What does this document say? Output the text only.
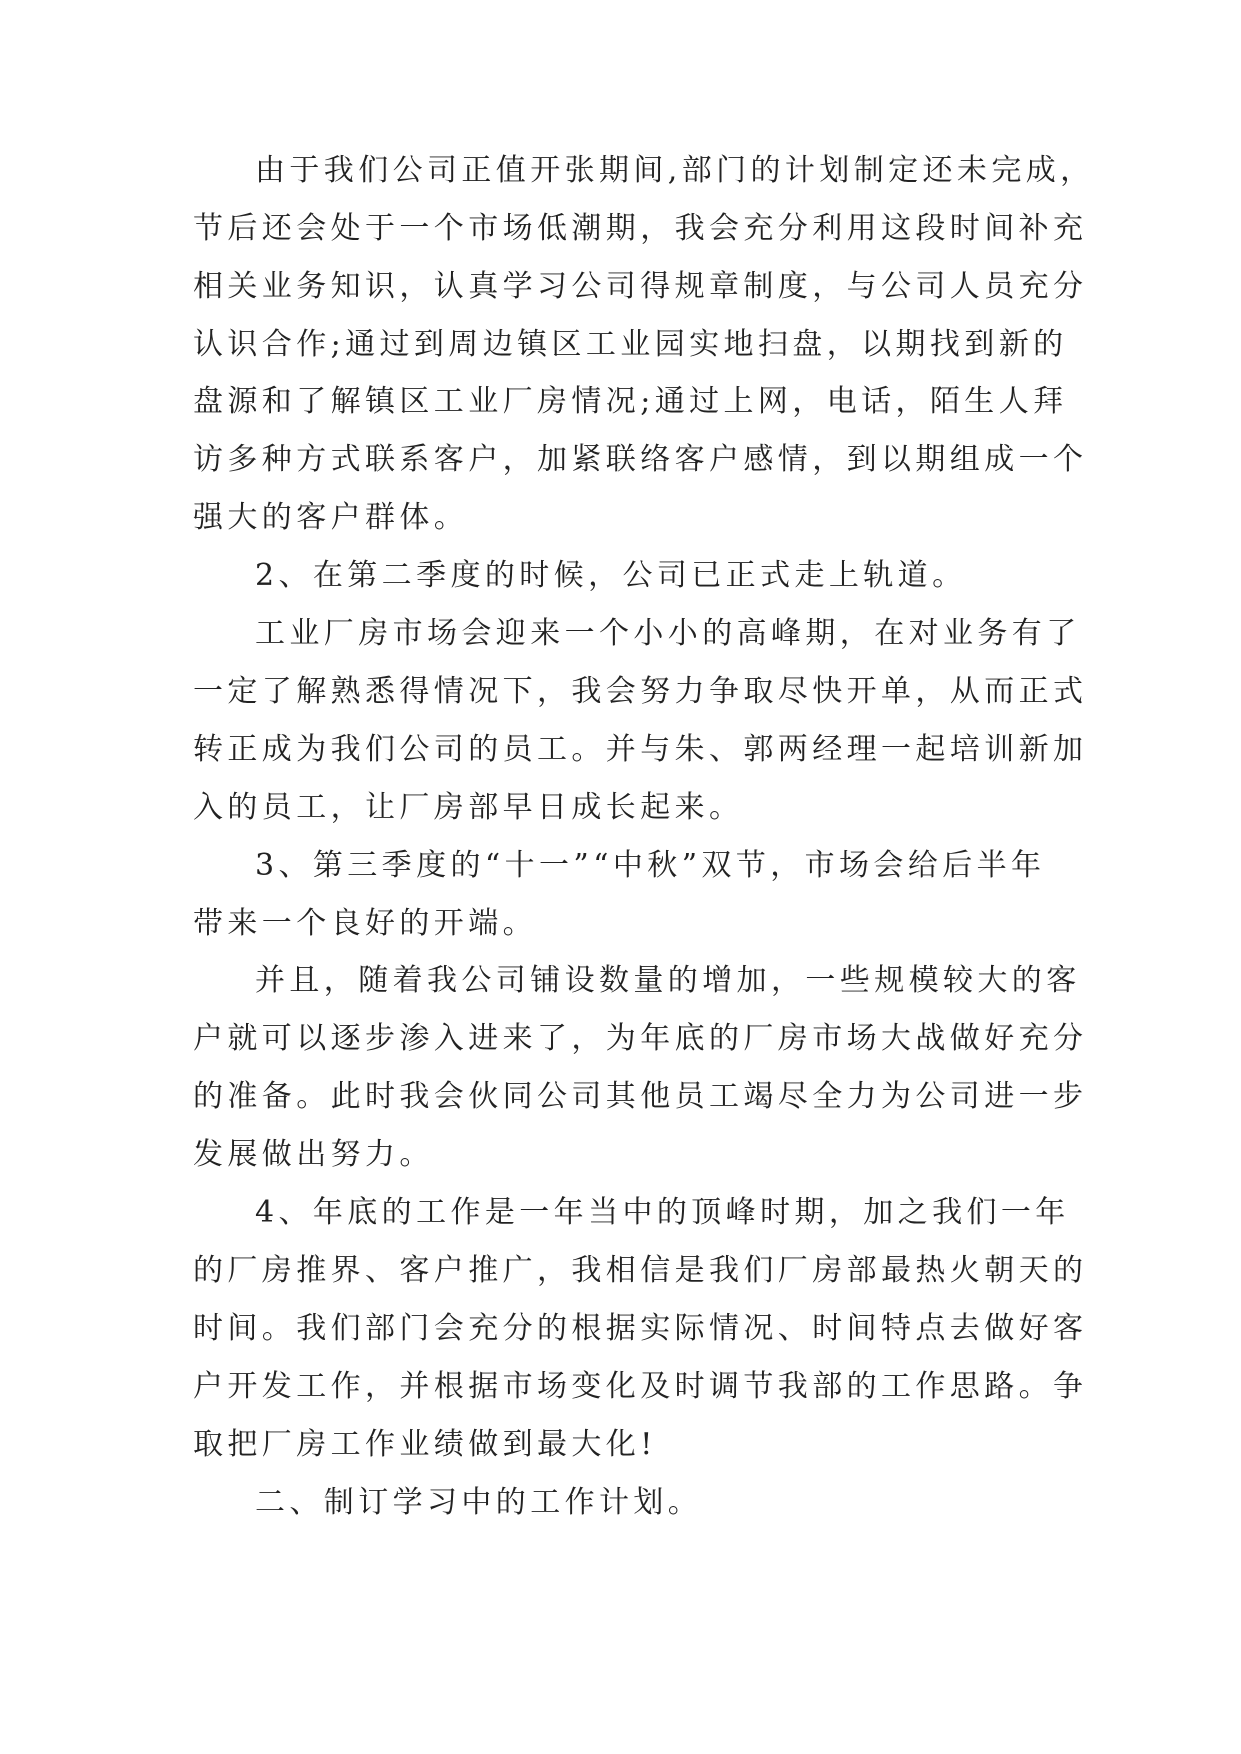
由于我们公司正值开张期间,部门的计划制定还未完成，
节后还会处于一个市场低潮期，我会充分利用这段时间补充
相关业务知识，认真学习公司得规章制度，与公司人员充分
认识合作;通过到周边镇区工业园实地扫盘，以期找到新的
盘源和了解镇区工业厂房情况;通过上网，电话，陌生人拜
访多种方式联系客户，加紧联络客户感情，到以期组成一个
强大的客户群体。
2、在第二季度的时候，公司已正式走上轨道。
工业厂房市场会迎来一个小小的高峰期，在对业务有了
一定了解熟悉得情况下，我会努力争取尽快开单，从而正式
转正成为我们公司的员工。并与朱、郭两经理一起培训新加
入的员工，让厂房部早日成长起来。
3、第三季度的“十一”“中秋”双节，市场会给后半年
带来一个良好的开端。
并且，随着我公司铺设数量的增加，一些规模较大的客
户就可以逐步渗入进来了，为年底的厂房市场大战做好充分
的准备。此时我会伙同公司其他员工竭尽全力为公司进一步
发展做出努力。
4、年底的工作是一年当中的顶峰时期，加之我们一年
的厂房推界、客户推广，我相信是我们厂房部最热火朝天的
时间。我们部门会充分的根据实际情况、时间特点去做好客
户开发工作，并根据市场变化及时调节我部的工作思路。争
取把厂房工作业绩做到最大化!
二、制订学习中的工作计划。
